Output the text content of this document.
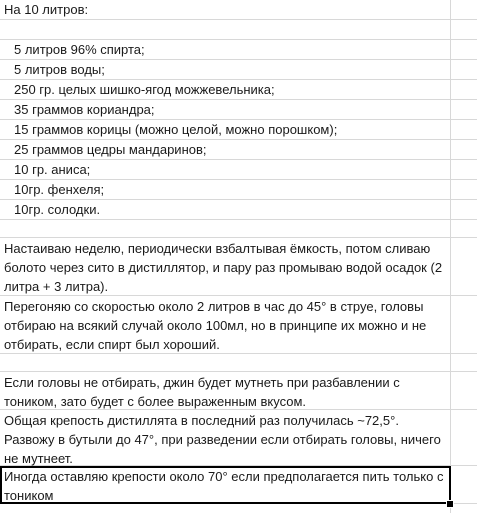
На 10 литров:
5 литров 96% спирта;
5 литров воды;
250 гр. целых шишко-ягод можжевельника;
35 граммов кориандра;
15 граммов корицы (можно целой, можно порошком);
25 граммов цедры мандаринов;
10 гр. аниса;
10гр. фенхеля;
10гр. солодки.
Настаиваю неделю, периодически взбалтывая ёмкость, потом сливаю болото через сито в дистиллятор, и пару раз промываю водой осадок (2 литра + 3 литра).
Перегоняю со скоростью около 2 литров в час до 45° в струе, головы отбираю на всякий случай около 100мл, но в принципе их можно и не отбирать, если спирт был хороший.
Если головы не отбирать, джин будет мутнеть при разбавлении с тоником, зато будет с более выраженным вкусом.
Общая крепость дистиллята в последний раз получилась ~72,5°. Развожу в бутыли до 47°, при разведении если отбирать головы, ничего не мутнеет.
Иногда оставляю крепости около 70° если предполагается пить только с тоником
